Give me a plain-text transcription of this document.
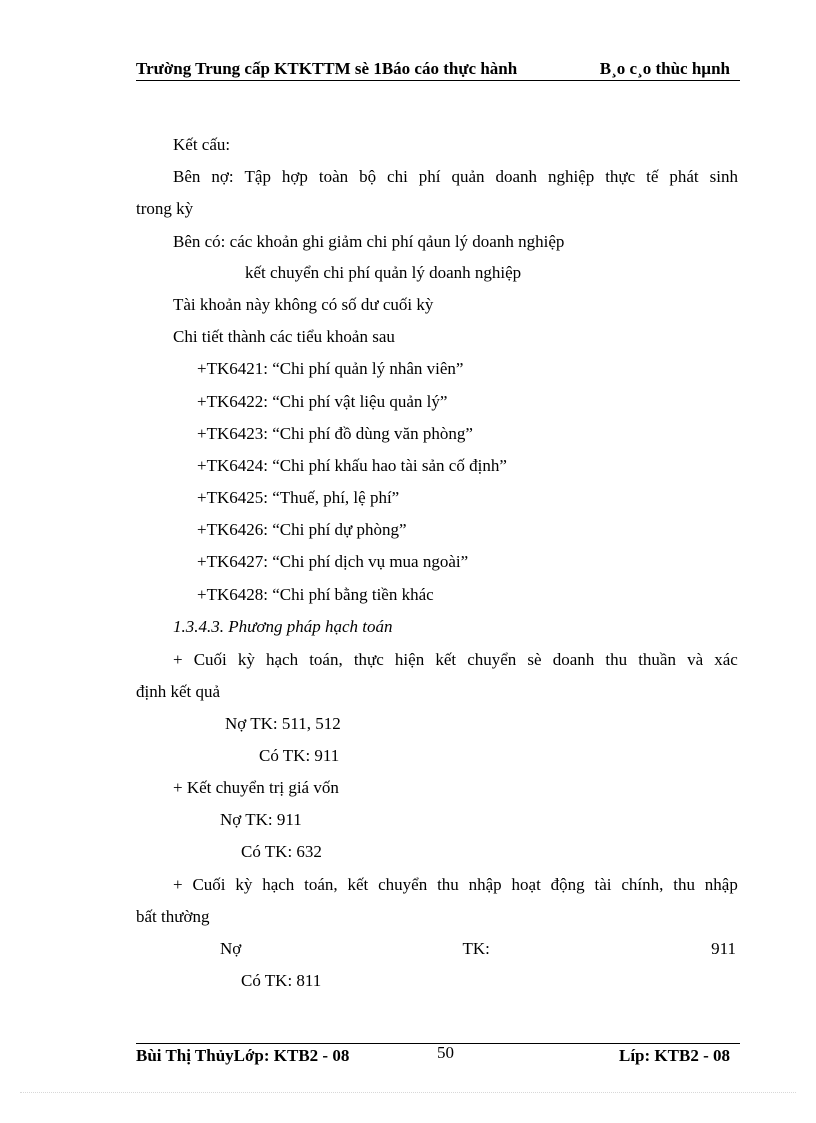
Trường Trung cấp KTKTTM sè 1Báo cáo thực hành	B¸o c¸o thùc hµnh
Kết cấu:
Bên nợ: Tập hợp toàn bộ chi phí quản doanh nghiệp thực tế phát sinh
trong kỳ
Bên có: các khoản ghi giảm chi phí qảun lý doanh nghiệp
kết chuyển chi phí quản lý doanh nghiệp
Tài khoản này không có số dư cuối kỳ
Chi tiết thành các tiểu khoản sau
+TK6421: “Chi phí quản lý nhân viên”
+TK6422: “Chi phí vật liệu quản lý”
+TK6423: “Chi phí đồ dùng văn phòng”
+TK6424: “Chi phí khấu hao tài sản cố định”
+TK6425: “Thuế, phí, lệ phí”
+TK6426: “Chi phí dự phòng”
+TK6427: “Chi phí dịch vụ mua ngoài”
+TK6428: “Chi phí bằng tiền khác
1.3.4.3. Phương pháp hạch toán
+ Cuối kỳ hạch toán, thực hiện kết chuyển sè doanh thu thuần và xác
định kết quả
Nợ TK: 511, 512
Có TK: 911
+ Kết chuyển trị giá vốn
Nợ TK: 911
Có TK: 632
+ Cuối kỳ hạch toán, kết chuyển thu nhập hoạt động tài chính, thu nhập
bất thường
Nợ	TK:	911
Có TK: 811
Bùi Thị ThủyLớp: KTB2 - 08	50	Líp: KTB2 - 08
